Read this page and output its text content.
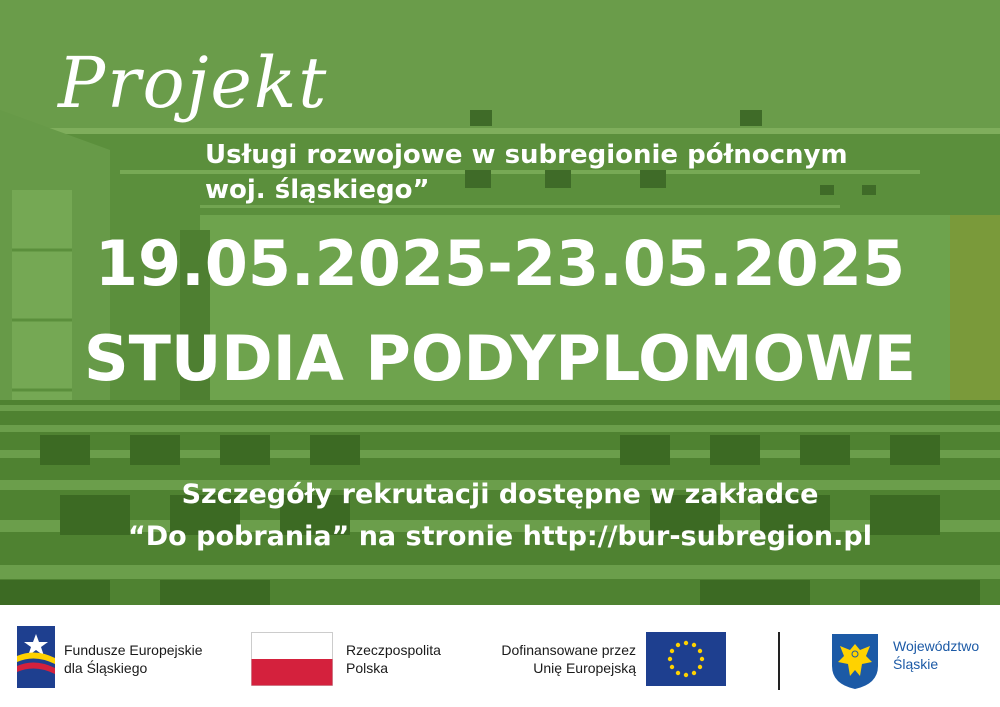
Projekt
Usługi rozwojowe w subregionie północnym
woj. śląskiego”
19.05.2025-23.05.2025
STUDIA PODYPLOMOWE
Szczegóły rekrutacji dostępne w zakładce
“Do pobrania” na stronie http://bur-subregion.pl
Fundusze Europejskie
dla Śląskiego
Rzeczpospolita
Polska
Dofinansowane przez
Unię Europejską
Województwo
Śląskie
